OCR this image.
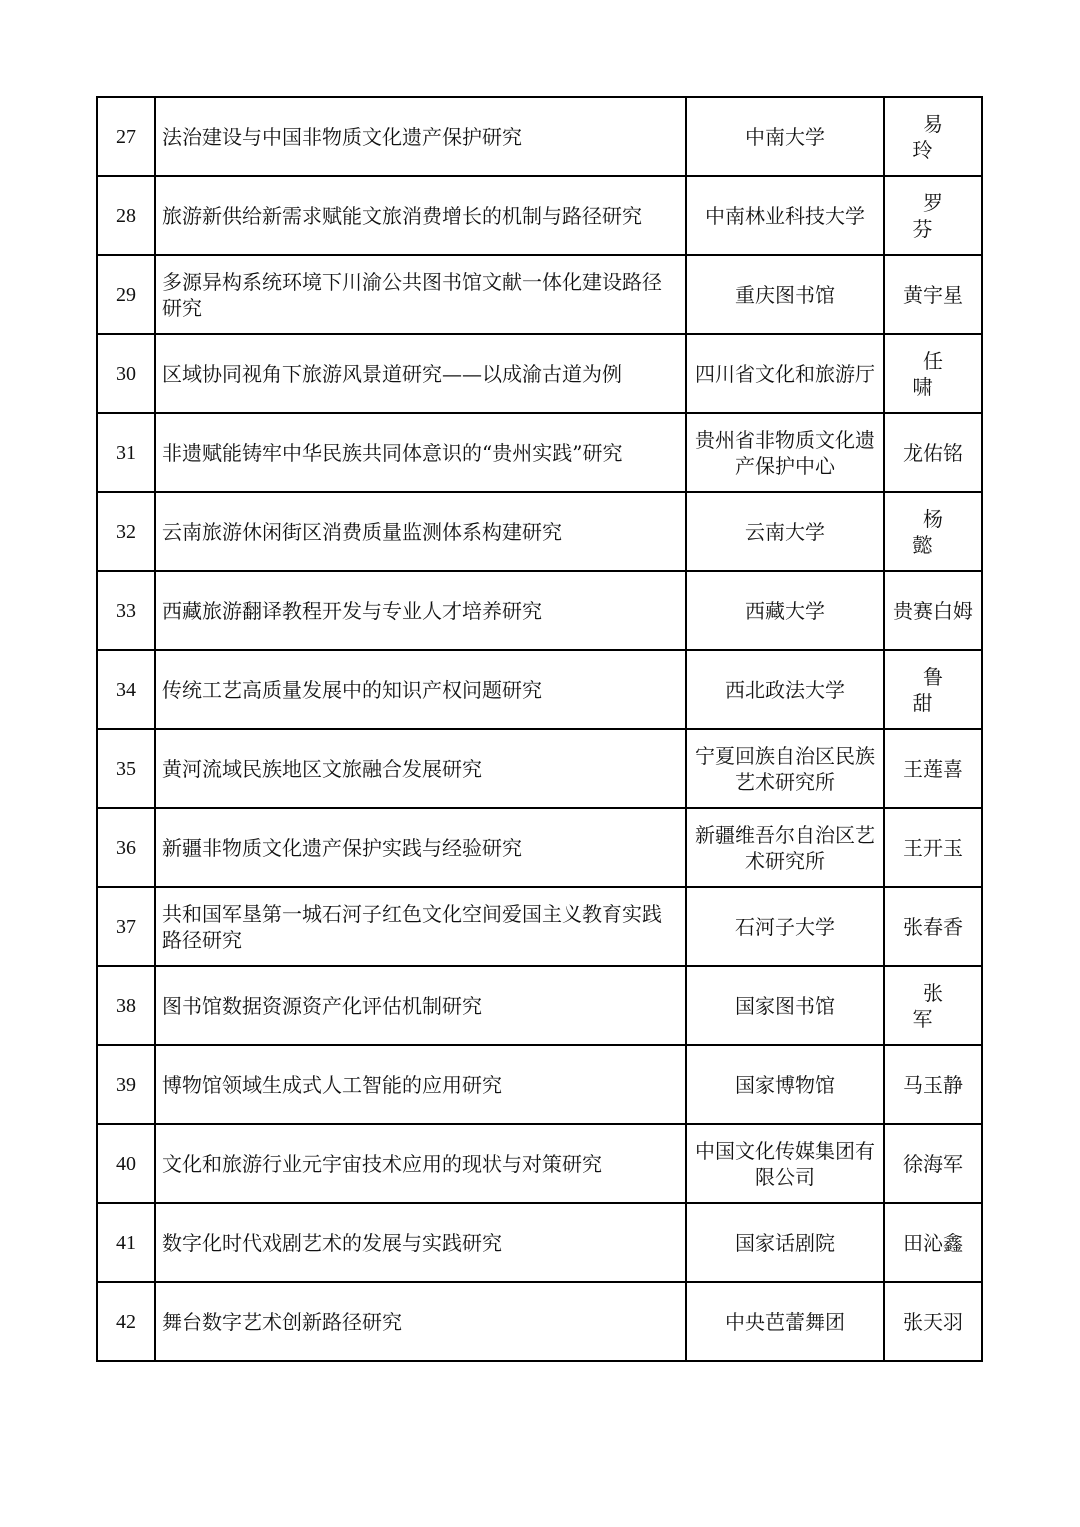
27	法治建设与中国非物质文化遗产保护研究	中南大学	易玲
28	旅游新供给新需求赋能文旅消费增长的机制与路径研究	中南林业科技大学	罗芬
29	多源异构系统环境下川渝公共图书馆文献一体化建设路径研究	重庆图书馆	黄宇星
30	区域协同视角下旅游风景道研究——以成渝古道为例	四川省文化和旅游厅	任啸
31	非遗赋能铸牢中华民族共同体意识的“贵州实践”研究	贵州省非物质文化遗产保护中心	龙佑铭
32	云南旅游休闲街区消费质量监测体系构建研究	云南大学	杨懿
33	西藏旅游翻译教程开发与专业人才培养研究	西藏大学	贵赛白姆
34	传统工艺高质量发展中的知识产权问题研究	西北政法大学	鲁甜
35	黄河流域民族地区文旅融合发展研究	宁夏回族自治区民族艺术研究所	王莲喜
36	新疆非物质文化遗产保护实践与经验研究	新疆维吾尔自治区艺术研究所	王开玉
37	共和国军垦第一城石河子红色文化空间爱国主义教育实践路径研究	石河子大学	张春香
38	图书馆数据资源资产化评估机制研究	国家图书馆	张军
39	博物馆领域生成式人工智能的应用研究	国家博物馆	马玉静
40	文化和旅游行业元宇宙技术应用的现状与对策研究	中国文化传媒集团有限公司	徐海军
41	数字化时代戏剧艺术的发展与实践研究	国家话剧院	田沁鑫
42	舞台数字艺术创新路径研究	中央芭蕾舞团	张天羽
